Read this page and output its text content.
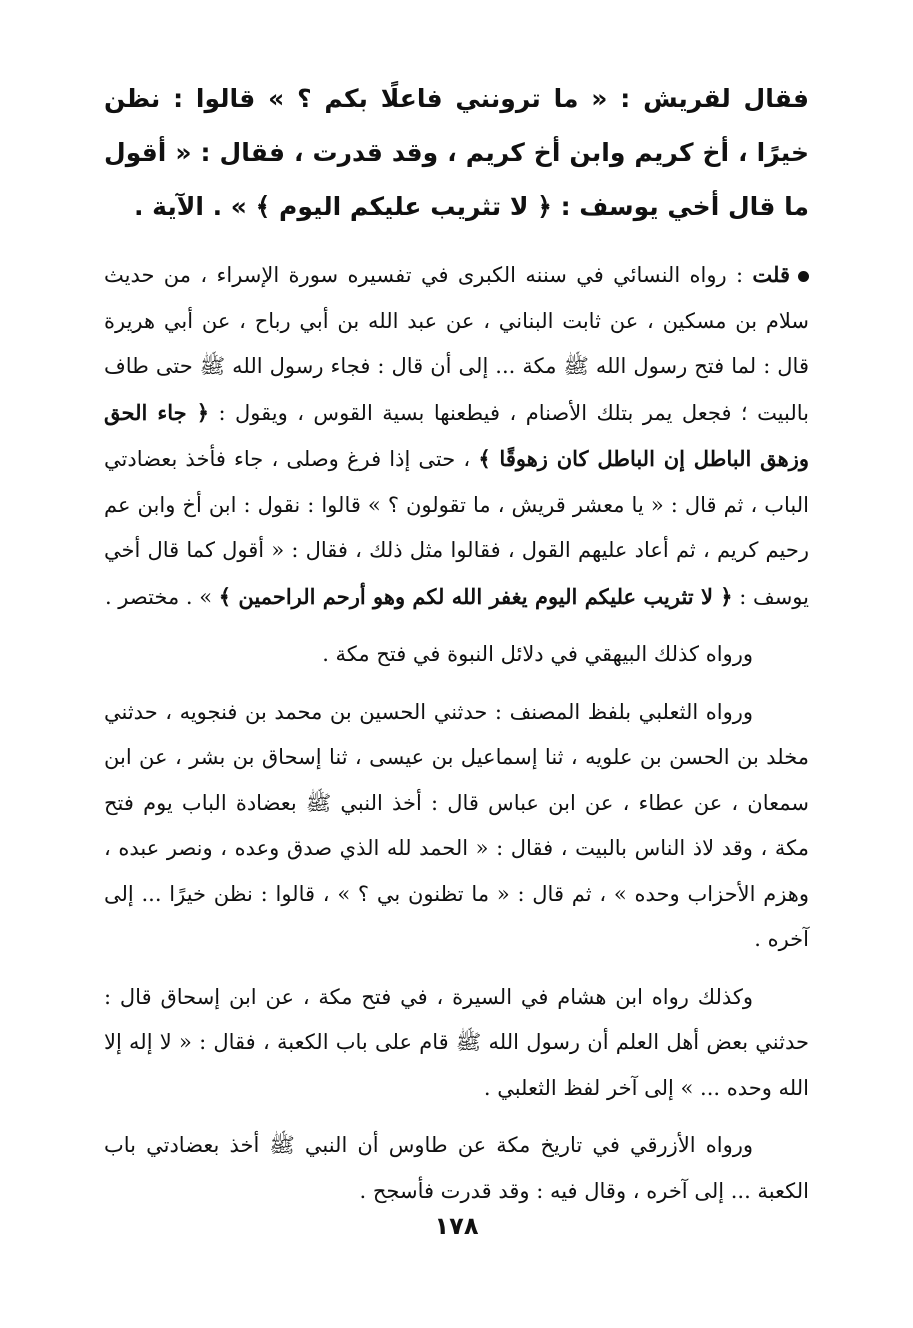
فقال لقريش : « ما ترونني فاعلًا بكم ؟ » قالوا : نظن خيرًا ، أخ كريم وابن أخ كريم ، وقد قدرت ، فقال : « أقول ما قال أخي يوسف : ﴿ لا تثريب عليكم اليوم ﴾ » . الآية .

قلت : رواه النسائي في سننه الكبرى في تفسيره سورة الإسراء ، من حديث سلام بن مسكين ، عن ثابت البناني ، عن عبد الله بن أبي رباح ، عن أبي هريرة قال : لما فتح رسول الله ﷺ مكة ... إلى أن قال : فجاء رسول الله ﷺ حتى طاف بالبيت ؛ فجعل يمر بتلك الأصنام ، فيطعنها بسية القوس ، ويقول : ﴿ جاء الحق وزهق الباطل إن الباطل كان زهوقًا ﴾ ، حتى إذا فرغ وصلى ، جاء فأخذ بعضادتي الباب ، ثم قال : « يا معشر قريش ، ما تقولون ؟ » قالوا : نقول : ابن أخ وابن عم رحيم كريم ، ثم أعاد عليهم القول ، فقالوا مثل ذلك ، فقال : « أقول كما قال أخي يوسف : ﴿ لا تثريب عليكم اليوم يغفر الله لكم وهو أرحم الراحمين ﴾ » . مختصر .

ورواه كذلك البيهقي في دلائل النبوة في فتح مكة .

ورواه الثعلبي بلفظ المصنف : حدثني الحسين بن محمد بن فنجويه ، حدثني مخلد بن الحسن بن علويه ، ثنا إسماعيل بن عيسى ، ثنا إسحاق بن بشر ، عن ابن سمعان ، عن عطاء ، عن ابن عباس قال : أخذ النبي ﷺ بعضادة الباب يوم فتح مكة ، وقد لاذ الناس بالبيت ، فقال : « الحمد لله الذي صدق وعده ، ونصر عبده ، وهزم الأحزاب وحده » ، ثم قال : « ما تظنون بي ؟ » ، قالوا : نظن خيرًا ... إلى آخره .

وكذلك رواه ابن هشام في السيرة ، في فتح مكة ، عن ابن إسحاق قال : حدثني بعض أهل العلم أن رسول الله ﷺ قام على باب الكعبة ، فقال : « لا إله إلا الله وحده ... » إلى آخر لفظ الثعلبي .

ورواه الأزرقي في تاريخ مكة عن طاوس أن النبي ﷺ أخذ بعضادتي باب الكعبة ... إلى آخره ، وقال فيه : وقد قدرت فأسجح .

١٧٨
